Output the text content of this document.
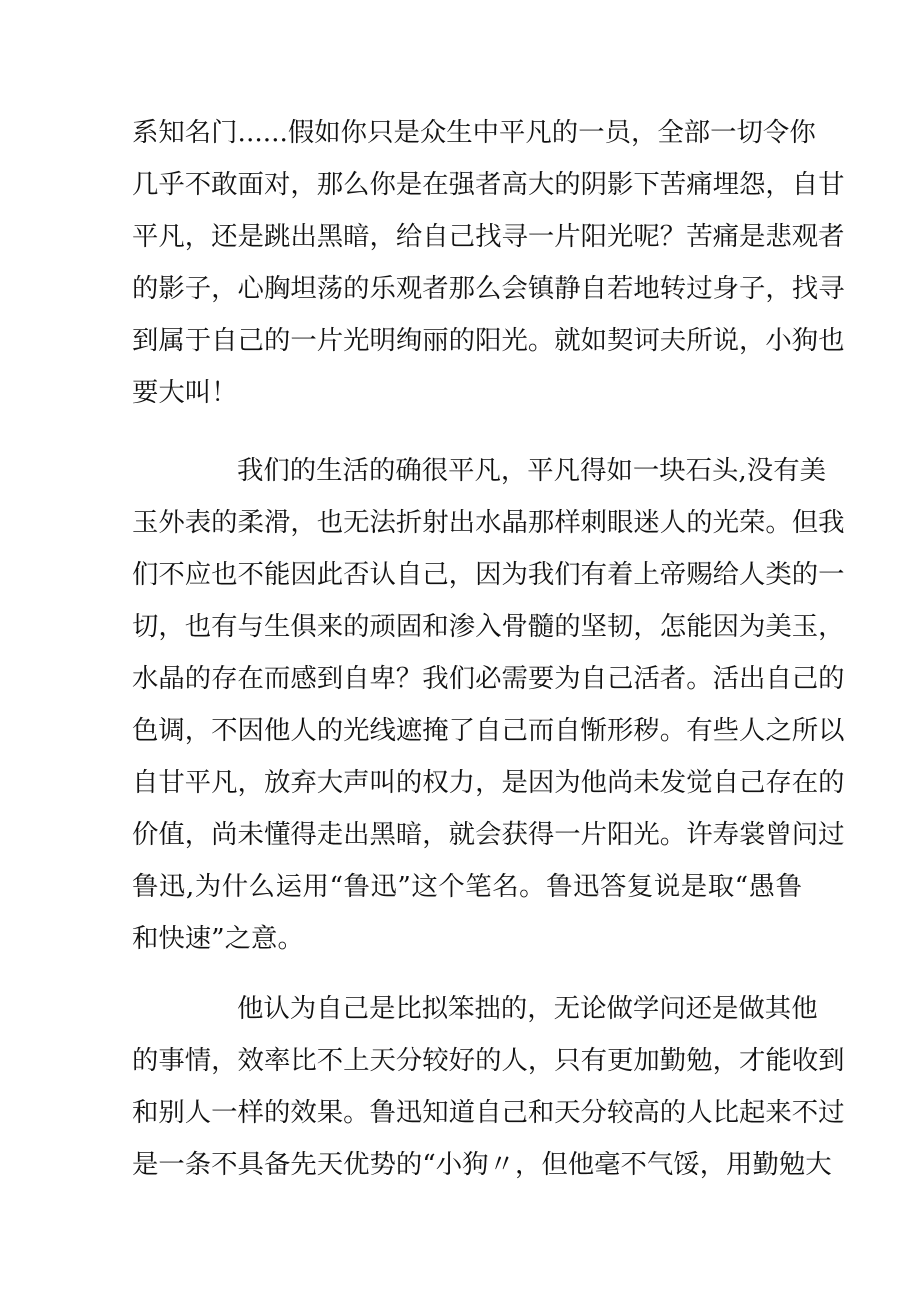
系知名门......假如你只是众生中平凡的一员，全部一切令你
几乎不敢面对，那么你是在强者高大的阴影下苦痛埋怨，自甘
平凡，还是跳出黑暗，给自己找寻一片阳光呢？苦痛是悲观者
的影子，心胸坦荡的乐观者那么会镇静自若地转过身子，找寻
到属于自己的一片光明绚丽的阳光。就如契诃夫所说，小狗也
要大叫！
我们的生活的确很平凡，平凡得如一块石头,没有美
玉外表的柔滑，也无法折射出水晶那样刺眼迷人的光荣。但我
们不应也不能因此否认自己，因为我们有着上帝赐给人类的一
切，也有与生俱来的顽固和渗入骨髓的坚韧，怎能因为美玉，
水晶的存在而感到自卑？我们必需要为自己活者。活出自己的
色调，不因他人的光线遮掩了自己而自惭形秽。有些人之所以
自甘平凡，放弃大声叫的权力，是因为他尚未发觉自己存在的
价值，尚未懂得走出黑暗，就会获得一片阳光。许寿裳曾问过
鲁迅,为什么运用“鲁迅”这个笔名。鲁迅答复说是取“愚鲁
和快速”之意。
他认为自己是比拟笨拙的，无论做学问还是做其他
的事情，效率比不上天分较好的人，只有更加勤勉，才能收到
和别人一样的效果。鲁迅知道自己和天分较高的人比起来不过
是一条不具备先天优势的“小狗〃，但他毫不气馁，用勤勉大
